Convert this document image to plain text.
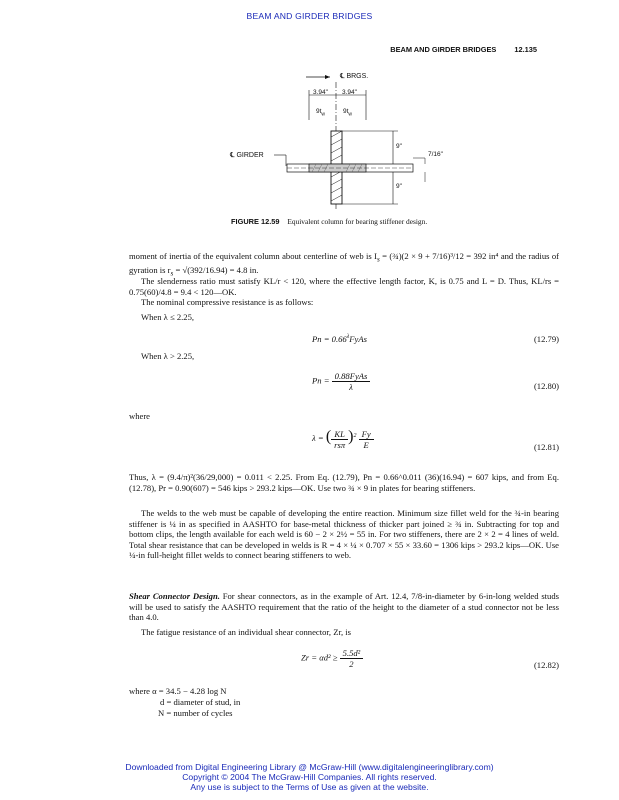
BEAM AND GIRDER BRIDGES
BEAM AND GIRDER BRIDGES 12.135
℄ BRGS.
3.94" 3.94"
$9t_w$	$9t_w$
℄ GIRDER
9"
9"
7/16"
FIGURE 12.59 Equivalent column for bearing stiffener design.
moment of inertia of the equivalent column about centerline of web is $I_s$ = (¾)(2 × 9 + 7/16)³/12 = 392 in⁴ and the radius of gyration is $r_s = √(392/16.94) = 4.8$ in.
The slenderness ratio must satisfy KL/r < 120, where the effective length factor, K, is 0.75 and L = D. Thus, KL/rs = 0.75(60)/4.8 = 9.4 < 120—OK.
The nominal compressive resistance is as follows:
When λ ≤ 2.25,
$Pn = 0.66^\lambda FyAs$	(12.79)
When λ > 2.25,
$Pn = \frac{\text{0.88FyAs}}{\lambda}$	(12.80)
where
λ = ( $\frac{KL}{\text{rsπ}} )^2 \frac{Fy}{E}$	(12.81)
Thus, λ = (9.4/π)²(36/29,000) = 0.011 < 2.25. From Eq. (12.79), Pn = 0.66^0.011 (36)(16.94) = 607 kips, and from Eq. (12.78), Pr = 0.90(607) = 546 kips > 293.2 kips—OK. Use two ¾ × 9 in plates for bearing stiffeners.
The welds to the web must be capable of developing the entire reaction. Minimum size fillet weld for the ¾-in bearing stiffener is ¼ in as specified in AASHTO for base-metal thickness of thicker part joined ≥ ¾ in. Subtracting for top and bottom clips, the length available for each weld is 60 − 2 × 2½ = 55 in. For two stiffeners, there are 2 × 2 = 4 lines of weld. Total shear resistance that can be developed in welds is R = 4 × ¼ × 0.707 × 55 × 33.60 = 1306 kips > 293.2 kips—OK. Use ¼-in full-height fillet welds to connect bearing stiffeners to web.
Shear Connector Design. For shear connectors, as in the example of Art. 12.4, 7/8-in-diameter by 6-in-long welded studs will be used to satisfy the AASHTO requirement that the ratio of the height to the diameter of a stud connector not be less than 4.0.
The fatigue resistance of an individual shear connector, Zr, is
$Zr = \alpha d^2 \ge \frac{\text{5.5d²}}{2}$	(12.82)
where α = 34.5 − 4.28 log N
d = diameter of stud, in
N = number of cycles
Downloaded from Digital Engineering Library @ McGraw-Hill (www.digitalengineeringlibrary.com)
Copyright © 2004 The McGraw-Hill Companies. All rights reserved.
Any use is subject to the Terms of Use as given at the website.
